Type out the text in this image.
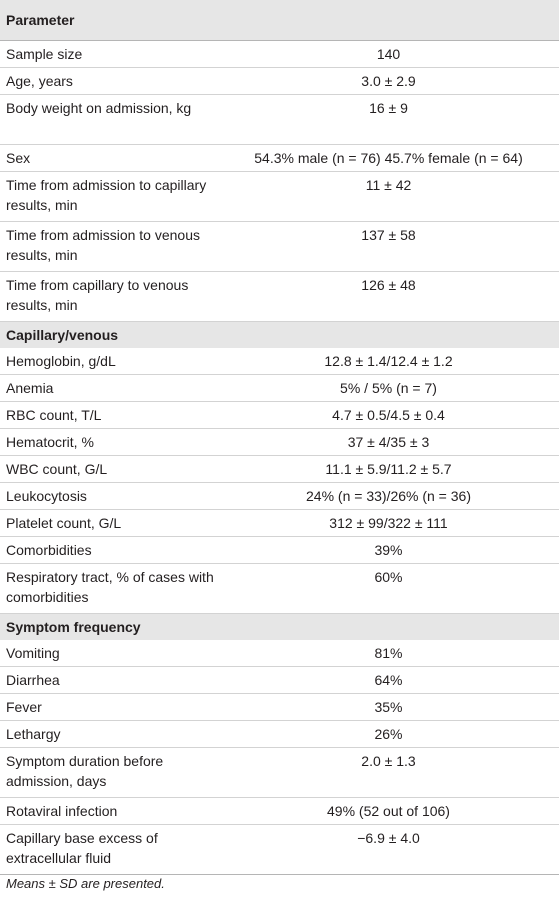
Parameter	
Sample size	140
Age, years	3.0 ± 2.9
Body weight on admission, kg	16 ± 9
Sex	54.3% male (n = 76) 45.7% female (n = 64)
Time from admission to capillary results, min	11 ± 42
Time from admission to venous results, min	137 ± 58
Time from capillary to venous results, min	126 ± 48
Capillary/venous	
Hemoglobin, g/dL	12.8 ± 1.4/12.4 ± 1.2
Anemia	5% / 5% (n = 7)
RBC count, T/L	4.7 ± 0.5/4.5 ± 0.4
Hematocrit, %	37 ± 4/35 ± 3
WBC count, G/L	11.1 ± 5.9/11.2 ± 5.7
Leukocytosis	24% (n = 33)/26% (n = 36)
Platelet count, G/L	312 ± 99/322 ± 111
Comorbidities	39%
Respiratory tract, % of cases with comorbidities	60%
Symptom frequency	
Vomiting	81%
Diarrhea	64%
Fever	35%
Lethargy	26%
Symptom duration before admission, days	2.0 ± 1.3
Rotaviral infection	49% (52 out of 106)
Capillary base excess of extracellular fluid	−6.9 ± 4.0
Means ± SD are presented.
